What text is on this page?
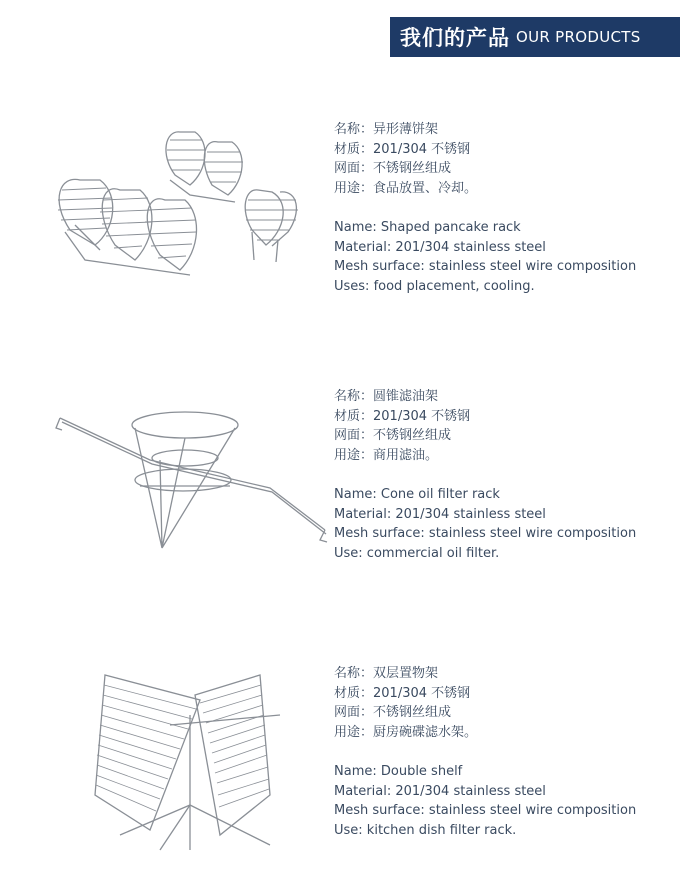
我们的产品 OUR PRODUCTS
名称：异形薄饼架
材质：201/304 不锈钢
网面：不锈钢丝组成
用途：食品放置、冷却。
Name: Shaped pancake rack
Material: 201/304 stainless steel
Mesh surface: stainless steel wire composition
Uses: food placement, cooling.
名称：圆锥滤油架
材质：201/304 不锈钢
网面：不锈钢丝组成
用途：商用滤油。
Name: Cone oil filter rack
Material: 201/304 stainless steel
Mesh surface: stainless steel wire composition
Use: commercial oil filter.
名称：双层置物架
材质：201/304 不锈钢
网面：不锈钢丝组成
用途：厨房碗碟滤水架。
Name: Double shelf
Material: 201/304 stainless steel
Mesh surface: stainless steel wire composition
Use: kitchen dish filter rack.
